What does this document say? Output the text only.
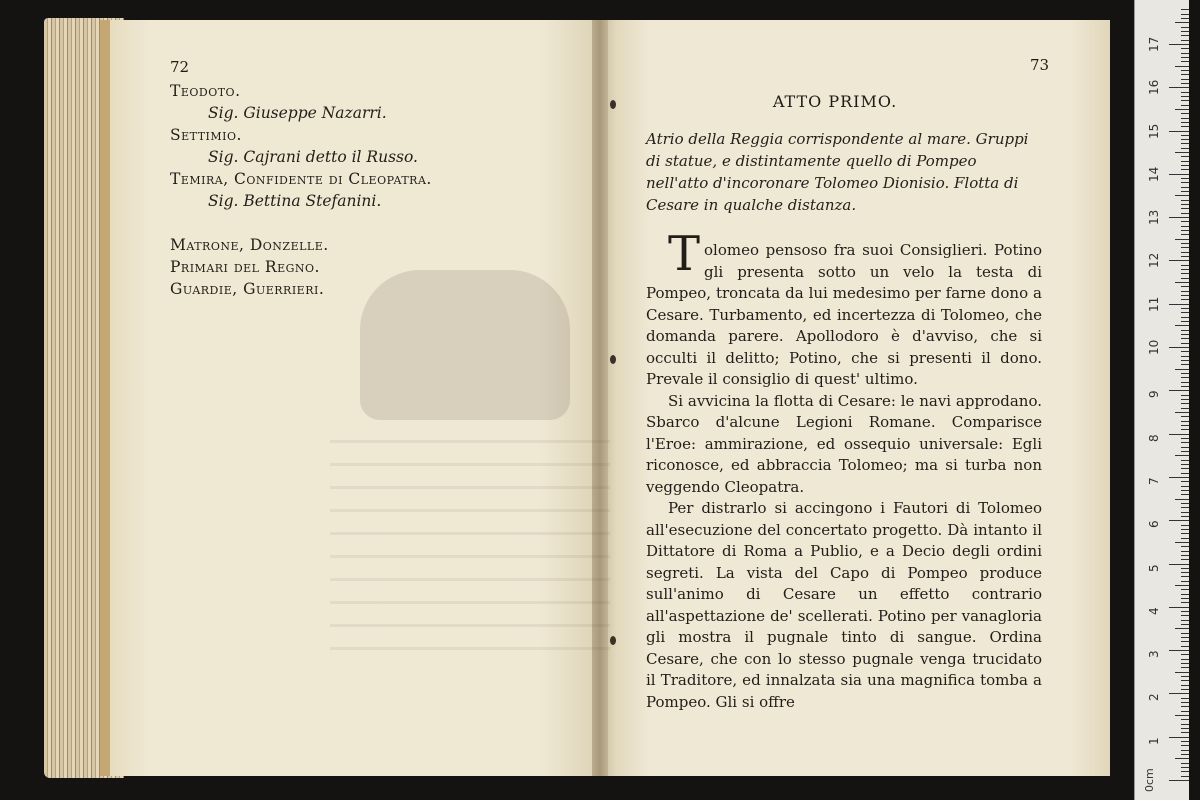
72
Teodoto.
Sig. Giuseppe Nazarri.
Settimio.
Sig. Cajrani detto il Russo.
Temira, Confidente di Cleopatra.
Sig. Bettina Stefanini.
Matrone, Donzelle.
Primari del Regno.
Guardie, Guerrieri.
73
ATTO PRIMO.
Atrio della Reggia corrispondente al mare. Gruppi di statue, e distintamente quello di Pompeo nell'atto d'incoronare Tolomeo Dionisio. Flotta di Cesare in qualche distanza.

Tolomeo pensoso fra suoi Consiglieri. Potino gli presenta sotto un velo la testa di Pompeo, troncata da lui medesimo per farne dono a Cesare. Turbamento, ed incertezza di Tolomeo, che domanda parere. Apollodoro è d'avviso, che si occulti il delitto; Potino, che si presenti il dono. Prevale il consiglio di quest' ultimo.

Si avvicina la flotta di Cesare: le navi approdano. Sbarco d'alcune Legioni Romane. Comparisce l'Eroe: ammirazione, ed ossequio universale: Egli riconosce, ed abbraccia Tolomeo; ma si turba non veggendo Cleopatra.

Per distrarlo si accingono i Fautori di Tolomeo all'esecuzione del concertato progetto. Dà intanto il Dittatore di Roma a Publio, e a Decio degli ordini segreti. La vista del Capo di Pompeo produce sull'animo di Cesare un effetto contrario all'aspettazione de' scellerati. Potino per vanagloria gli mostra il pugnale tinto di sangue. Ordina Cesare, che con lo stesso pugnale venga trucidato il Traditore, ed innalzata sia una magnifica tomba a Pompeo. Gli si offre

0cm
1
2
3
4
5
6
7
8
9
10
11
12
13
14
15
16
17
